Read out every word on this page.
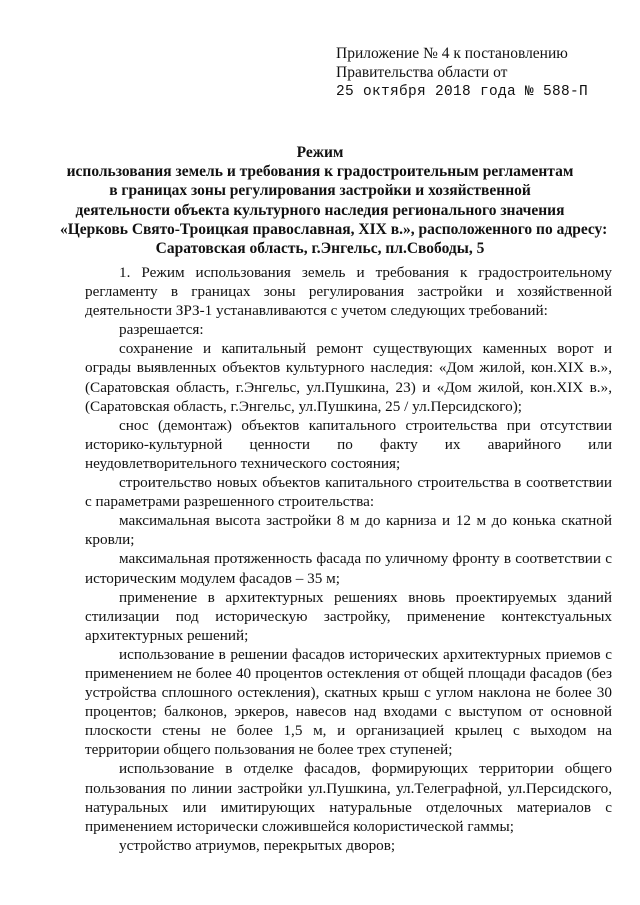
Приложение № 4 к постановлению
Правительства области от
25 октября 2018 года № 588-П
Режим
использования земель и требования к градостроительным регламентам
в границах зоны регулирования застройки и хозяйственной
деятельности объекта культурного наследия регионального значения
«Церковь Свято-Троицкая православная, XIX в.», расположенного по адресу:
Саратовская область, г.Энгельс, пл.Свободы, 5

1. Режим использования земель и требования к градостроительному регламенту в границах зоны регулирования застройки и хозяйственной деятельности ЗРЗ-1 устанавливаются с учетом следующих требований:

разрешается:

сохранение и капитальный ремонт существующих каменных ворот и ограды выявленных объектов культурного наследия: «Дом жилой, кон.XIX в.», (Саратовская область, г.Энгельс, ул.Пушкина, 23) и «Дом жилой, кон.XIX в.», (Саратовская область, г.Энгельс, ул.Пушкина, 25 / ул.Персидского);

снос (демонтаж) объектов капитального строительства при отсутствии историко-культурной ценности по факту их аварийного или неудовлетворительного технического состояния;

строительство новых объектов капитального строительства в соответствии с параметрами разрешенного строительства:

максимальная высота застройки 8 м до карниза и 12 м до конька скатной кровли;

максимальная протяженность фасада по уличному фронту в соответствии с историческим модулем фасадов – 35 м;

применение в архитектурных решениях вновь проектируемых зданий стилизации под историческую застройку, применение контекстуальных архитектурных решений;

использование в решении фасадов исторических архитектурных приемов с применением не более 40 процентов остекления от общей площади фасадов (без устройства сплошного остекления), скатных крыш с углом наклона не более 30 процентов; балконов, эркеров, навесов над входами с выступом от основной плоскости стены не более 1,5 м, и организацией крылец с выходом на территории общего пользования не более трех ступеней;

использование в отделке фасадов, формирующих территории общего пользования по линии застройки ул.Пушкина, ул.Телеграфной, ул.Персидского, натуральных или имитирующих натуральные отделочных материалов с применением исторически сложившейся колористической гаммы;

устройство атриумов, перекрытых дворов;
